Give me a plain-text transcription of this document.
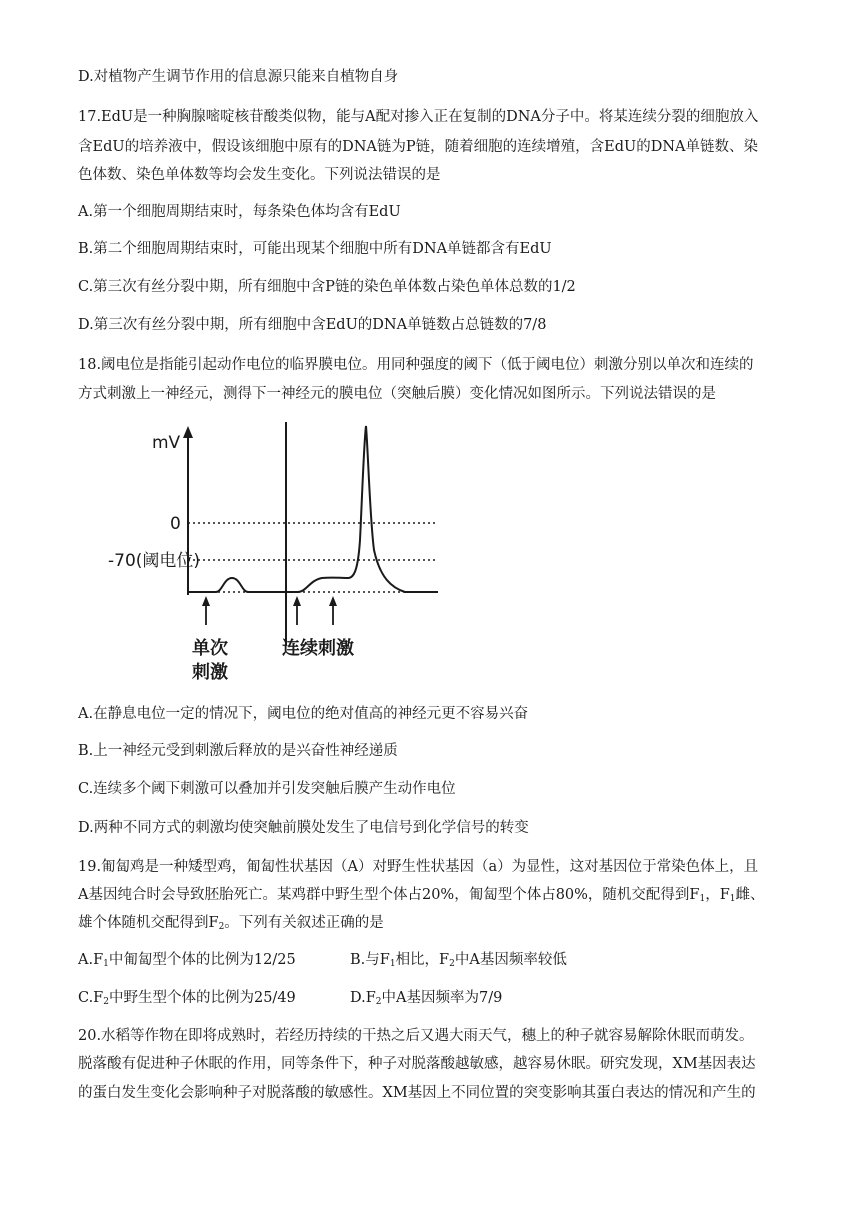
D.对植物产生调节作用的信息源只能来自植物自身
17.EdU是一种胸腺嘧啶核苷酸类似物，能与A配对掺入正在复制的DNA分子中。将某连续分裂的细胞放入
含EdU的培养液中，假设该细胞中原有的DNA链为P链，随着细胞的连续增殖，含EdU的DNA单链数、染
色体数、染色单体数等均会发生变化。下列说法错误的是
A.第一个细胞周期结束时，每条染色体均含有EdU
B.第二个细胞周期结束时，可能出现某个细胞中所有DNA单链都含有EdU
C.第三次有丝分裂中期，所有细胞中含P链的染色单体数占染色单体总数的1/2
D.第三次有丝分裂中期，所有细胞中含EdU的DNA单链数占总链数的7/8
18.阈电位是指能引起动作电位的临界膜电位。用同种强度的阈下（低于阈电位）刺激分别以单次和连续的
方式刺激上一神经元，测得下一神经元的膜电位（突触后膜）变化情况如图所示。下列说法错误的是
mV
0
-70(阈电位)
单次
刺激
连续刺激
A.在静息电位一定的情况下，阈电位的绝对值高的神经元更不容易兴奋
B.上一神经元受到刺激后释放的是兴奋性神经递质
C.连续多个阈下刺激可以叠加并引发突触后膜产生动作电位
D.两种不同方式的刺激均使突触前膜处发生了电信号到化学信号的转变
19.匍匐鸡是一种矮型鸡，匍匐性状基因（A）对野生性状基因（a）为显性，这对基因位于常染色体上，且
A基因纯合时会导致胚胎死亡。某鸡群中野生型个体占20%，匍匐型个体占80%，随机交配得到$F_1$，$F_1$雌、
雄个体随机交配得到$F_2$。下列有关叙述正确的是
$A.F_1$中匍匐型个体的比例为12/25	B.与$F_1$相比，$F_2$中A基因频率较低
$C.F_2$中野生型个体的比例为25/49	$D.F_2$中A基因频率为7/9
20.水稻等作物在即将成熟时，若经历持续的干热之后又遇大雨天气，穗上的种子就容易解除休眠而萌发。
脱落酸有促进种子休眠的作用，同等条件下，种子对脱落酸越敏感，越容易休眠。研究发现，XM基因表达
的蛋白发生变化会影响种子对脱落酸的敏感性。XM基因上不同位置的突变影响其蛋白表达的情况和产生的
